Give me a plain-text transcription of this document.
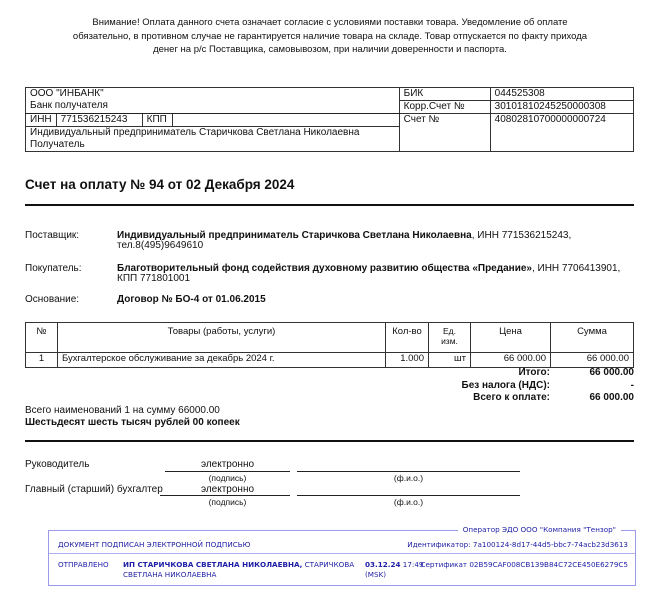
Внимание! Оплата данного счета означает согласие с условиями поставки товара. Уведомление об оплате
обязательно, в противном случае не гарантируется наличие товара на складе. Товар отпускается по факту прихода
денег на р/с Поставщика, самовывозом, при наличии доверенности и паспорта.
ООО "ИНБАНК"
Банк получателя				БИК	044525308
				Корр.Счет №	30101810245250000308
ИНН	771536215243	КПП		Счет №	40802810700000000724

Индивидуальный предприниматель Старичкова Светлана Николаевна
Получатель					
Счет на оплату № 94 от 02 Декабря 2024
Поставщик:	Индивидуальный предприниматель Старичкова Светлана Николаевна, ИНН 771536215243,
тел.8(495)9649610
Покупатель:	Благотворительный фонд содействия духовному развитию общества «Предание», ИНН 7706413901,
КПП 771801001
Основание:	Договор № БО-4 от 01.06.2015
№	Товары (работы, услуги)	Кол-во	Ед. изм.	Цена	Сумма
1	Бухгалтерское обслуживание за декабрь 2024 г.	1.000	шт	66 000.00	66 000.00
Итого:	66 000.00
Без налога (НДС):	-
Всего к оплате:	66 000.00
Всего наименований 1 на сумму 66000.00
Шестьдесят шесть тысяч рублей 00 копеек
Руководитель	электронно
(подпись)	(ф.и.о.)
Главный (старший) бухгалтер	электронно
(подпись)	(ф.и.о.)
Оператор ЭДО ООО "Компания "Тензор"
ДОКУМЕНТ ПОДПИСАН ЭЛЕКТРОННОЙ ПОДПИСЬЮ	Идентификатор: 7a100124-8d17-44d5-bbc7-74acb23d3613
ОТПРАВЛЕНО ИП СТАРИЧКОВА СВЕТЛАНА НИКОЛАЕВНА, СТАРИЧКОВА
СВЕТЛАНА НИКОЛАЕВНА
03.12.24 17:49
(MSK)
Сертификат 02B59CAF008CB139B84C72CE450E6279C5
